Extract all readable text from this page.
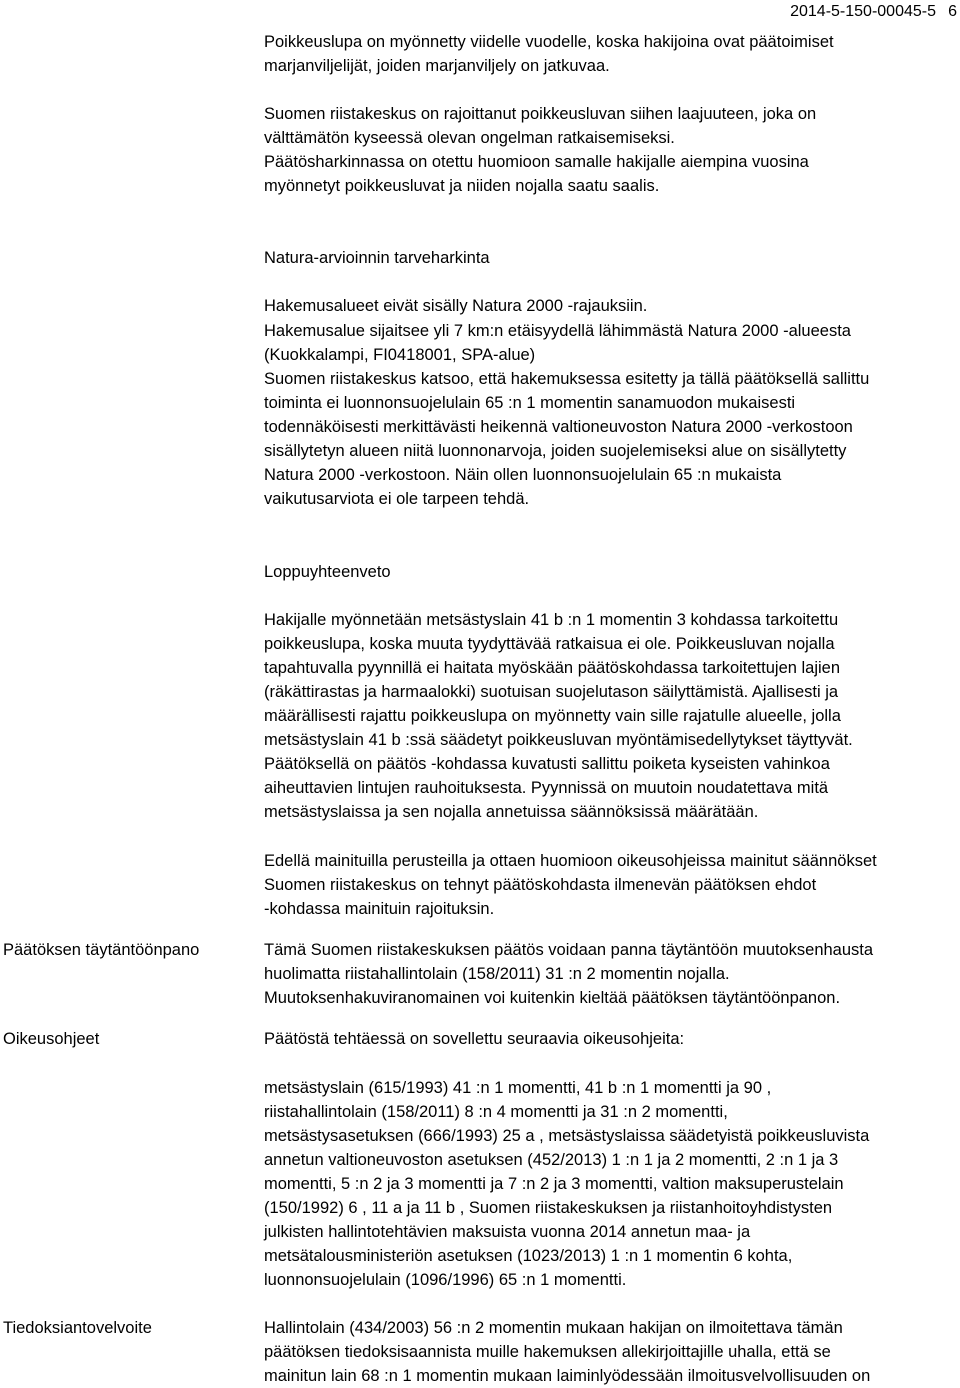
2014-5-150-00045-5 6
Poikkeuslupa on myönnetty viidelle vuodelle, koska hakijoina ovat päätoimiset
marjanviljelijät, joiden marjanviljely on jatkuvaa.
Suomen riistakeskus on rajoittanut poikkeusluvan siihen laajuuteen, joka on
välttämätön kyseessä olevan ongelman ratkaisemiseksi.
Päätösharkinnassa on otettu huomioon samalle hakijalle aiempina vuosina
myönnetyt poikkeusluvat ja niiden nojalla saatu saalis.
Natura-arvioinnin tarveharkinta
Hakemusalueet eivät sisälly Natura 2000 -rajauksiin.
Hakemusalue sijaitsee yli 7 km:n etäisyydellä lähimmästä Natura 2000 -alueesta
(Kuokkalampi, FI0418001, SPA-alue)
Suomen riistakeskus katsoo, että hakemuksessa esitetty ja tällä päätöksellä sallittu
toiminta ei luonnonsuojelulain 65 :n 1 momentin sanamuodon mukaisesti
todennäköisesti merkittävästi heikennä valtioneuvoston Natura 2000 -verkostoon
sisällytetyn alueen niitä luonnonarvoja, joiden suojelemiseksi alue on sisällytetty
Natura 2000 -verkostoon. Näin ollen luonnonsuojelulain 65 :n mukaista
vaikutusarviota ei ole tarpeen tehdä.
Loppuyhteenveto
Hakijalle myönnetään metsästyslain 41 b :n 1 momentin 3 kohdassa tarkoitettu
poikkeuslupa, koska muuta tyydyttävää ratkaisua ei ole. Poikkeusluvan nojalla
tapahtuvalla pyynnillä ei haitata myöskään päätöskohdassa tarkoitettujen lajien
(räkättirastas ja harmaalokki) suotuisan suojelutason säilyttämistä. Ajallisesti ja
määrällisesti rajattu poikkeuslupa on myönnetty vain sille rajatulle alueelle, jolla
metsästyslain 41 b :ssä säädetyt poikkeusluvan myöntämisedellytykset täyttyvät.
Päätöksellä on päätös -kohdassa kuvatusti sallittu poiketa kyseisten vahinkoa
aiheuttavien lintujen rauhoituksesta. Pyynnissä on muutoin noudatettava mitä
metsästyslaissa ja sen nojalla annetuissa säännöksissä määrätään.
Edellä mainituilla perusteilla ja ottaen huomioon oikeusohjeissa mainitut säännökset
Suomen riistakeskus on tehnyt päätöskohdasta ilmenevän päätöksen ehdot
-kohdassa mainituin rajoituksin.
Päätöksen täytäntöönpano	Tämä Suomen riistakeskuksen päätös voidaan panna täytäntöön muutoksenhausta
huolimatta riistahallintolain (158/2011) 31 :n 2 momentin nojalla.
Muutoksenhakuviranomainen voi kuitenkin kieltää päätöksen täytäntöönpanon.
Oikeusohjeet	Päätöstä tehtäessä on sovellettu seuraavia oikeusohjeita:
metsästyslain (615/1993) 41 :n 1 momentti, 41 b :n 1 momentti ja 90 ,
riistahallintolain (158/2011) 8 :n 4 momentti ja 31 :n 2 momentti,
metsästysasetuksen (666/1993) 25 a , metsästyslaissa säädetyistä poikkeusluvista
annetun valtioneuvoston asetuksen (452/2013) 1 :n 1 ja 2 momentti, 2 :n 1 ja 3
momentti, 5 :n 2 ja 3 momentti ja 7 :n 2 ja 3 momentti, valtion maksuperustelain
(150/1992) 6 , 11 a ja 11 b , Suomen riistakeskuksen ja riistanhoitoyhdistysten
julkisten hallintotehtävien maksuista vuonna 2014 annetun maa- ja
metsätalousministeriön asetuksen (1023/2013) 1 :n 1 momentin 6 kohta,
luonnonsuojelulain (1096/1996) 65 :n 1 momentti.
Tiedoksiantovelvoite	Hallintolain (434/2003) 56 :n 2 momentin mukaan hakijan on ilmoitettava tämän
päätöksen tiedoksisaannista muille hakemuksen allekirjoittajille uhalla, että se
mainitun lain 68 :n 1 momentin mukaan laiminlyödessään ilmoitusvelvollisuuden on
